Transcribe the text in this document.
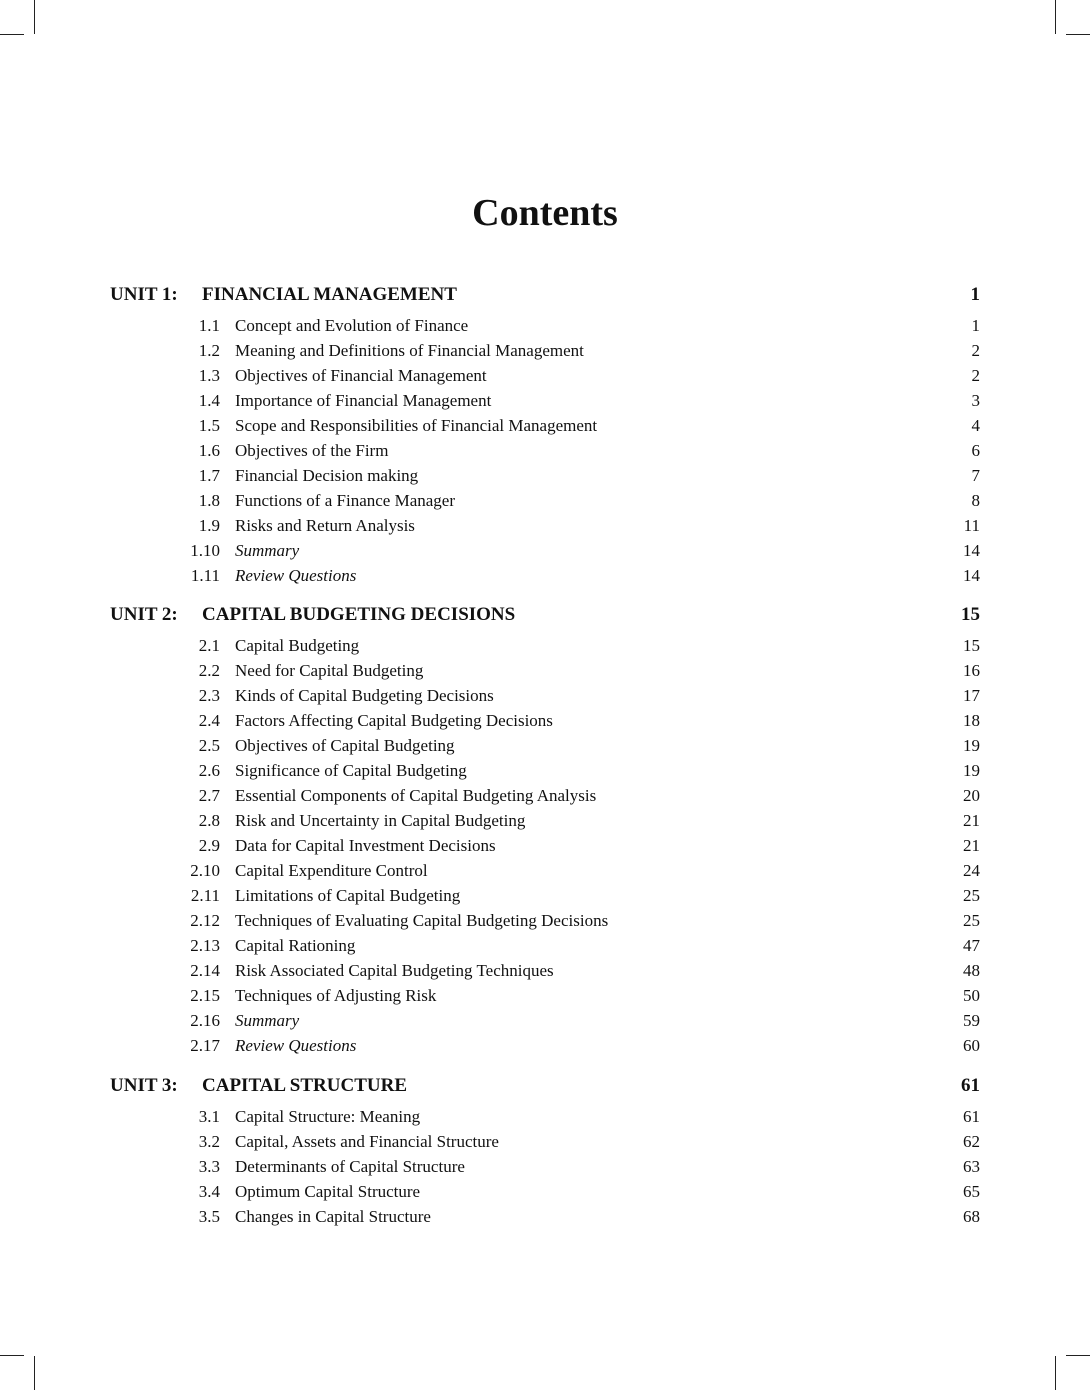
Contents
UNIT 1: FINANCIAL MANAGEMENT	1
1.1 Concept and Evolution of Finance	1
1.2 Meaning and Definitions of Financial Management	2
1.3 Objectives of Financial Management	2
1.4 Importance of Financial Management	3
1.5 Scope and Responsibilities of Financial Management	4
1.6 Objectives of the Firm	6
1.7 Financial Decision making	7
1.8 Functions of a Finance Manager	8
1.9 Risks and Return Analysis	11
1.10 Summary	14
1.11 Review Questions	14
UNIT 2: CAPITAL BUDGETING DECISIONS	15
2.1 Capital Budgeting	15
2.2 Need for Capital Budgeting	16
2.3 Kinds of Capital Budgeting Decisions	17
2.4 Factors Affecting Capital Budgeting Decisions	18
2.5 Objectives of Capital Budgeting	19
2.6 Significance of Capital Budgeting	19
2.7 Essential Components of Capital Budgeting Analysis	20
2.8 Risk and Uncertainty in Capital Budgeting	21
2.9 Data for Capital Investment Decisions	21
2.10 Capital Expenditure Control	24
2.11 Limitations of Capital Budgeting	25
2.12 Techniques of Evaluating Capital Budgeting Decisions	25
2.13 Capital Rationing	47
2.14 Risk Associated Capital Budgeting Techniques	48
2.15 Techniques of Adjusting Risk	50
2.16 Summary	59
2.17 Review Questions	60
UNIT 3: CAPITAL STRUCTURE	61
3.1 Capital Structure: Meaning	61
3.2 Capital, Assets and Financial Structure	62
3.3 Determinants of Capital Structure	63
3.4 Optimum Capital Structure	65
3.5 Changes in Capital Structure	68
